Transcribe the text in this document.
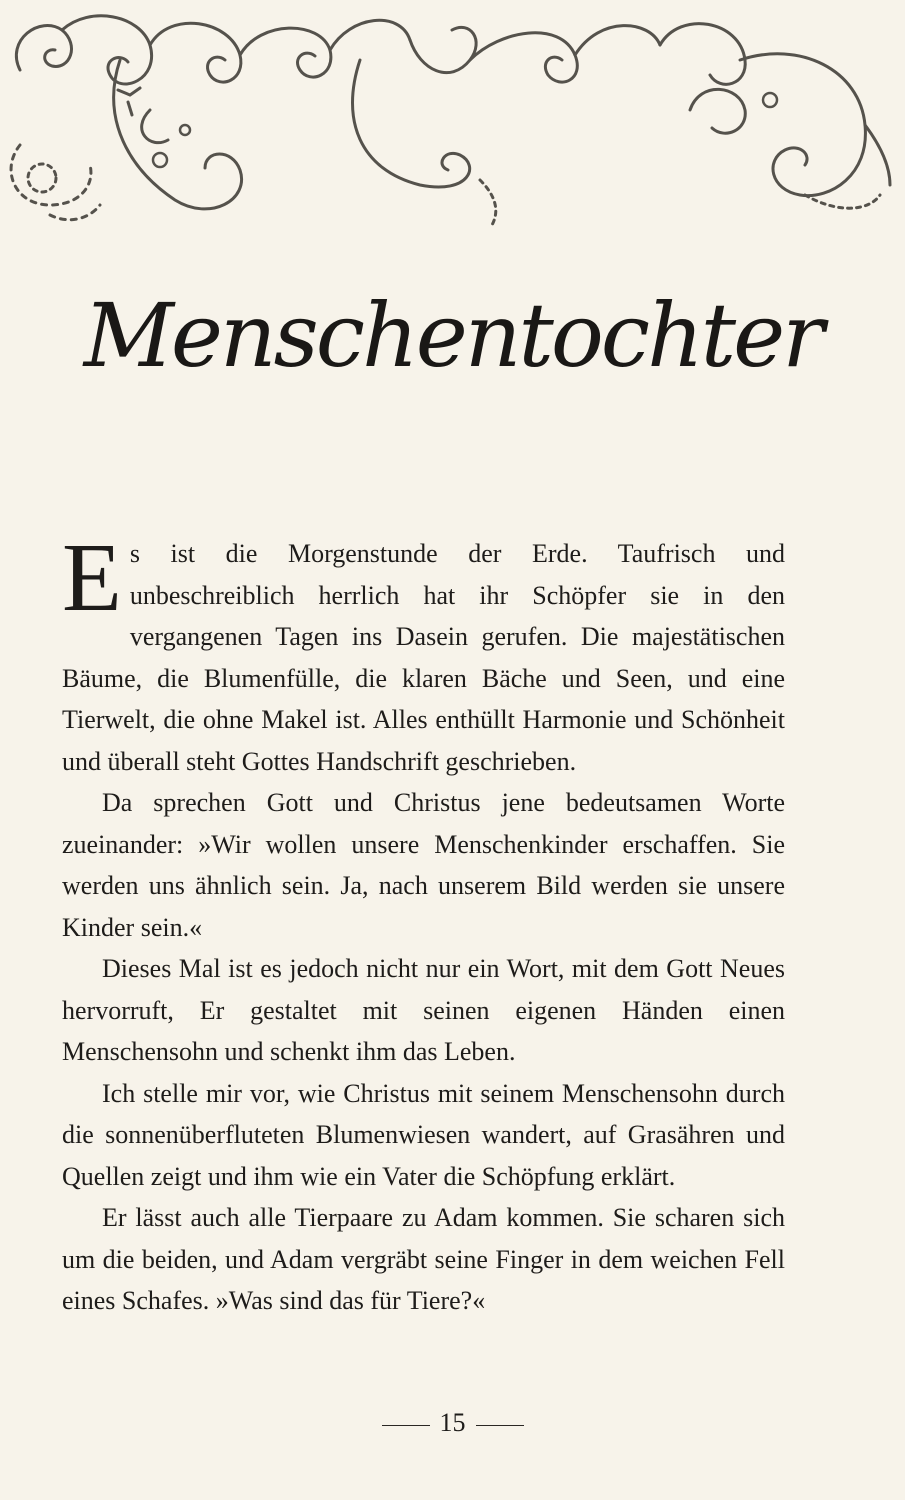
Menschentochter

Es ist die Morgenstunde der Erde. Taufrisch und unbeschreiblich herrlich hat ihr Schöpfer sie in den vergangenen Tagen ins Dasein gerufen. Die majestätischen Bäume, die Blumenfülle, die klaren Bäche und Seen, und eine Tierwelt, die ohne Makel ist. Alles enthüllt Harmonie und Schönheit und überall steht Gottes Handschrift geschrieben.

Da sprechen Gott und Christus jene bedeutsamen Worte zueinander: »Wir wollen unsere Menschenkinder erschaffen. Sie werden uns ähnlich sein. Ja, nach unserem Bild werden sie unsere Kinder sein.«

Dieses Mal ist es jedoch nicht nur ein Wort, mit dem Gott Neues hervorruft, Er gestaltet mit seinen eigenen Händen einen Menschensohn und schenkt ihm das Leben.

Ich stelle mir vor, wie Christus mit seinem Menschensohn durch die sonnenüberfluteten Blumenwiesen wandert, auf Grasähren und Quellen zeigt und ihm wie ein Vater die Schöpfung erklärt.

Er lässt auch alle Tierpaare zu Adam kommen. Sie scharen sich um die beiden, und Adam vergräbt seine Finger in dem weichen Fell eines Schafes. »Was sind das für Tiere?«

15
